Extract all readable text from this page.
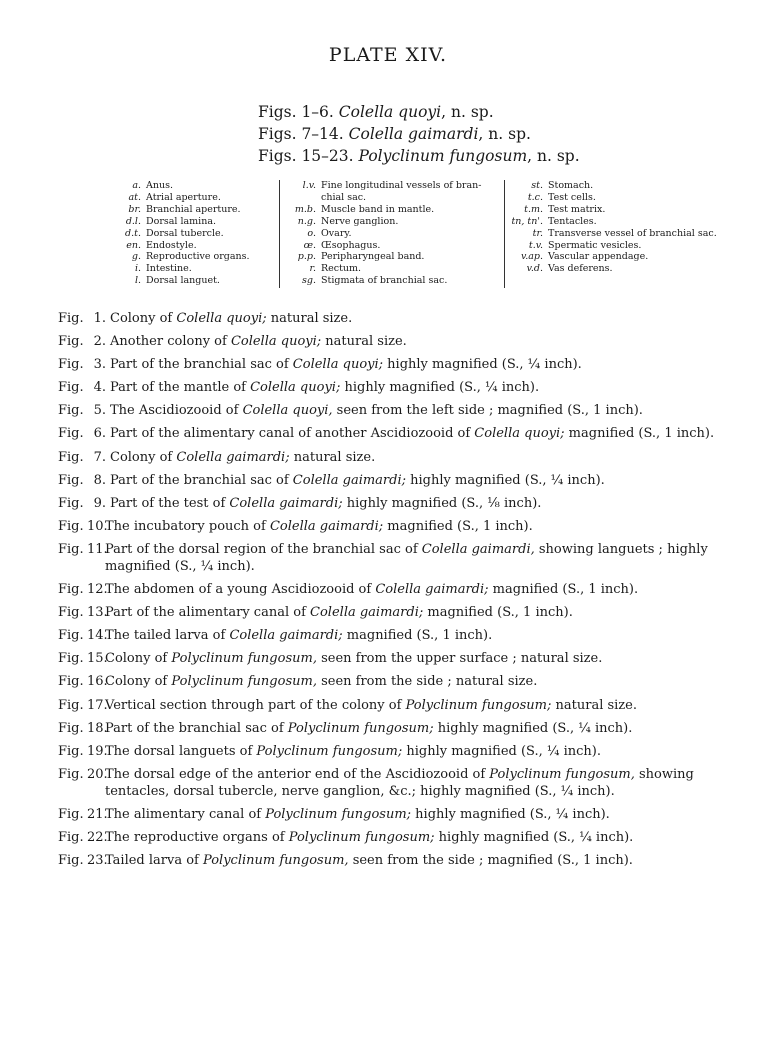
PLATE XIV.
Figs. 1–6. Colella quoyi, n. sp.
Figs. 7–14. Colella gaimardi, n. sp.
Figs. 15–23. Polyclinum fungosum, n. sp.
a. Anus.
at. Atrial aperture.
br. Branchial aperture.
d.l. Dorsal lamina.
d.t. Dorsal tubercle.
en. Endostyle.
g. Reproductive organs.
i. Intestine.
l. Dorsal languet.
l.v. Fine longitudinal vessels of bran-
chial sac.
m.b. Muscle band in mantle.
n.g. Nerve ganglion.
o. Ovary.
œ. Œsophagus.
p.p. Peripharyngeal band.
r. Rectum.
sg. Stigmata of branchial sac.
st. Stomach.
t.c. Test cells.
t.m. Test matrix.
tn, tn'. Tentacles.
tr. Transverse vessel of branchial sac.
t.v. Spermatic vesicles.
v.ap. Vascular appendage.
v.d. Vas deferens.
Fig. 1. Colony of Colella quoyi; natural size.
Fig. 2. Another colony of Colella quoyi; natural size.
Fig. 3. Part of the branchial sac of Colella quoyi; highly magnified (S., ¼ inch).
Fig. 4. Part of the mantle of Colella quoyi; highly magnified (S., ¼ inch).
Fig. 5. The Ascidiozooid of Colella quoyi, seen from the left side ; magnified (S., 1 inch).
Fig. 6. Part of the alimentary canal of another Ascidiozooid of Colella quoyi; magnified (S., 1 inch).
Fig. 7. Colony of Colella gaimardi; natural size.
Fig. 8. Part of the branchial sac of Colella gaimardi; highly magnified (S., ¼ inch).
Fig. 9. Part of the test of Colella gaimardi; highly magnified (S., ⅛ inch).
Fig. 10.
The incubatory pouch of Colella gaimardi; magnified (S., 1 inch).
Fig. 11.
Part of the dorsal region of the branchial sac of Colella gaimardi, showing languets ; highly magnified (S., ¼ inch).
Fig. 12.
The abdomen of a young Ascidiozooid of Colella gaimardi; magnified (S., 1 inch).
Fig. 13.
Part of the alimentary canal of Colella gaimardi; magnified (S., 1 inch).
Fig. 14.
The tailed larva of Colella gaimardi; magnified (S., 1 inch).
Fig. 15.
Colony of Polyclinum fungosum, seen from the upper surface ; natural size.
Fig. 16.
Colony of Polyclinum fungosum, seen from the side ; natural size.
Fig. 17.
Vertical section through part of the colony of Polyclinum fungosum; natural size.
Fig. 18.
Part of the branchial sac of Polyclinum fungosum; highly magnified (S., ¼ inch).
Fig. 19.
The dorsal languets of Polyclinum fungosum; highly magnified (S., ¼ inch).
Fig. 20.
The dorsal edge of the anterior end of the Ascidiozooid of Polyclinum fungosum, showing tentacles, dorsal tubercle, nerve ganglion, &c.; highly magnified (S., ¼ inch).
Fig. 21.
The alimentary canal of Polyclinum fungosum; highly magnified (S., ¼ inch).
Fig. 22.
The reproductive organs of Polyclinum fungosum; highly magnified (S., ¼ inch).
Fig. 23.
Tailed larva of Polyclinum fungosum, seen from the side ; magnified (S., 1 inch).
